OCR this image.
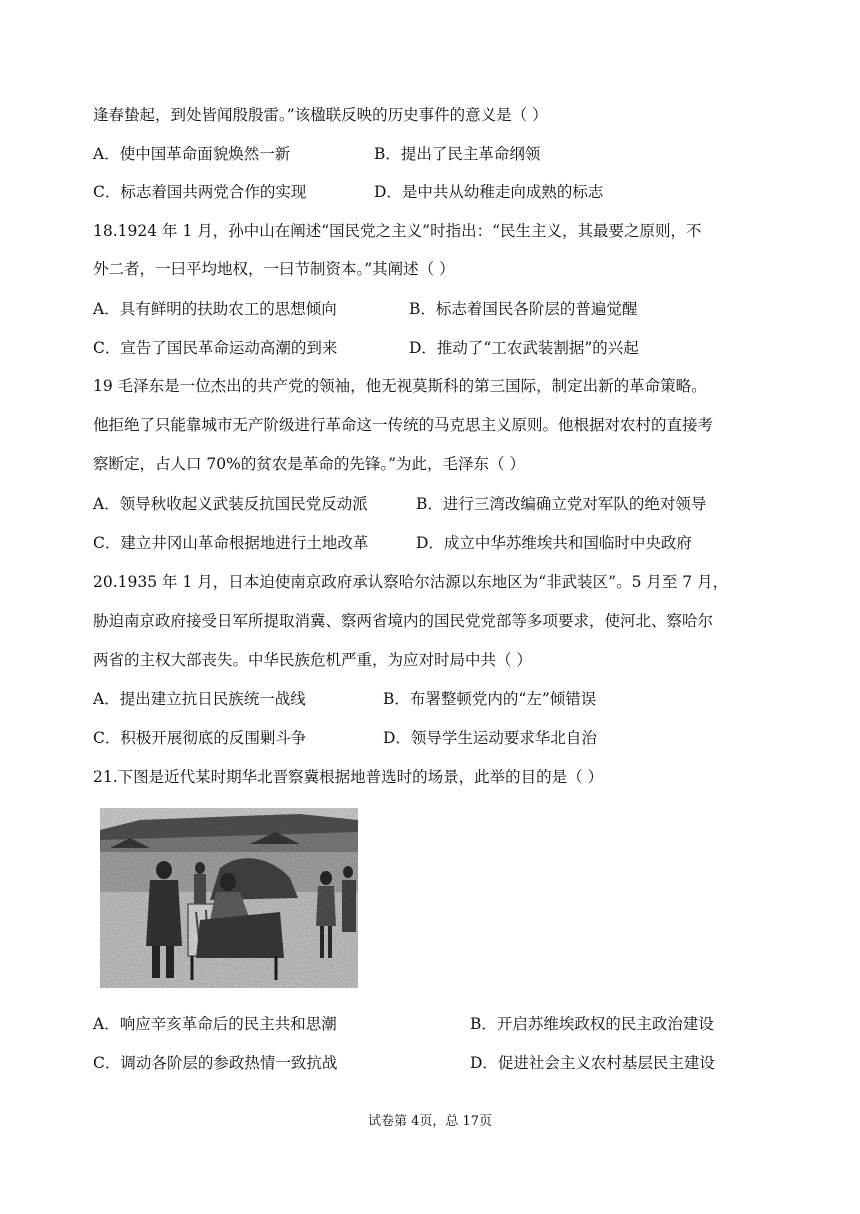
逢春蛰起，到处皆闻殷殷雷。”该楹联反映的历史事件的意义是（ ）
A．使中国革命面貌焕然一新	B．提出了民主革命纲领
C．标志着国共两党合作的实现	D．是中共从幼稚走向成熟的标志
18.1924 年 1 月，孙中山在阐述“国民党之主义”时指出：“民生主义，其最要之原则，不
外二者，一曰平均地权，一曰节制资本。”其阐述（ ）
A．具有鲜明的扶助农工的思想倾向	B．标志着国民各阶层的普遍觉醒
C．宣告了国民革命运动高潮的到来	D．推动了“工农武装割据”的兴起
19 毛泽东是一位杰出的共产党的领袖，他无视莫斯科的第三国际，制定出新的革命策略。
他拒绝了只能靠城市无产阶级进行革命这一传统的马克思主义原则。他根据对农村的直接考
察断定，占人口 70%的贫农是革命的先锋。”为此，毛泽东（ ）
A．领导秋收起义武装反抗国民党反动派	B．进行三湾改编确立党对军队的绝对领导
C．建立井冈山革命根据地进行土地改革	D．成立中华苏维埃共和国临时中央政府
20.1935 年 1 月，日本迫使南京政府承认察哈尔沽源以东地区为“非武装区”。5 月至 7 月，
胁迫南京政府接受日军所提取消冀、察两省境内的国民党党部等多项要求，使河北、察哈尔
两省的主权大部丧失。中华民族危机严重，为应对时局中共（ ）
A．提出建立抗日民族统一战线	B．布署整顿党内的“左”倾错误
C．积极开展彻底的反围剿斗争	D．领导学生运动要求华北自治
21.下图是近代某时期华北晋察冀根据地普选时的场景，此举的目的是（ ）
A．响应辛亥革命后的民主共和思潮	B．开启苏维埃政权的民主政治建设
C．调动各阶层的参政热情一致抗战	D．促进社会主义农村基层民主建设
试卷第 4页，总 17页
